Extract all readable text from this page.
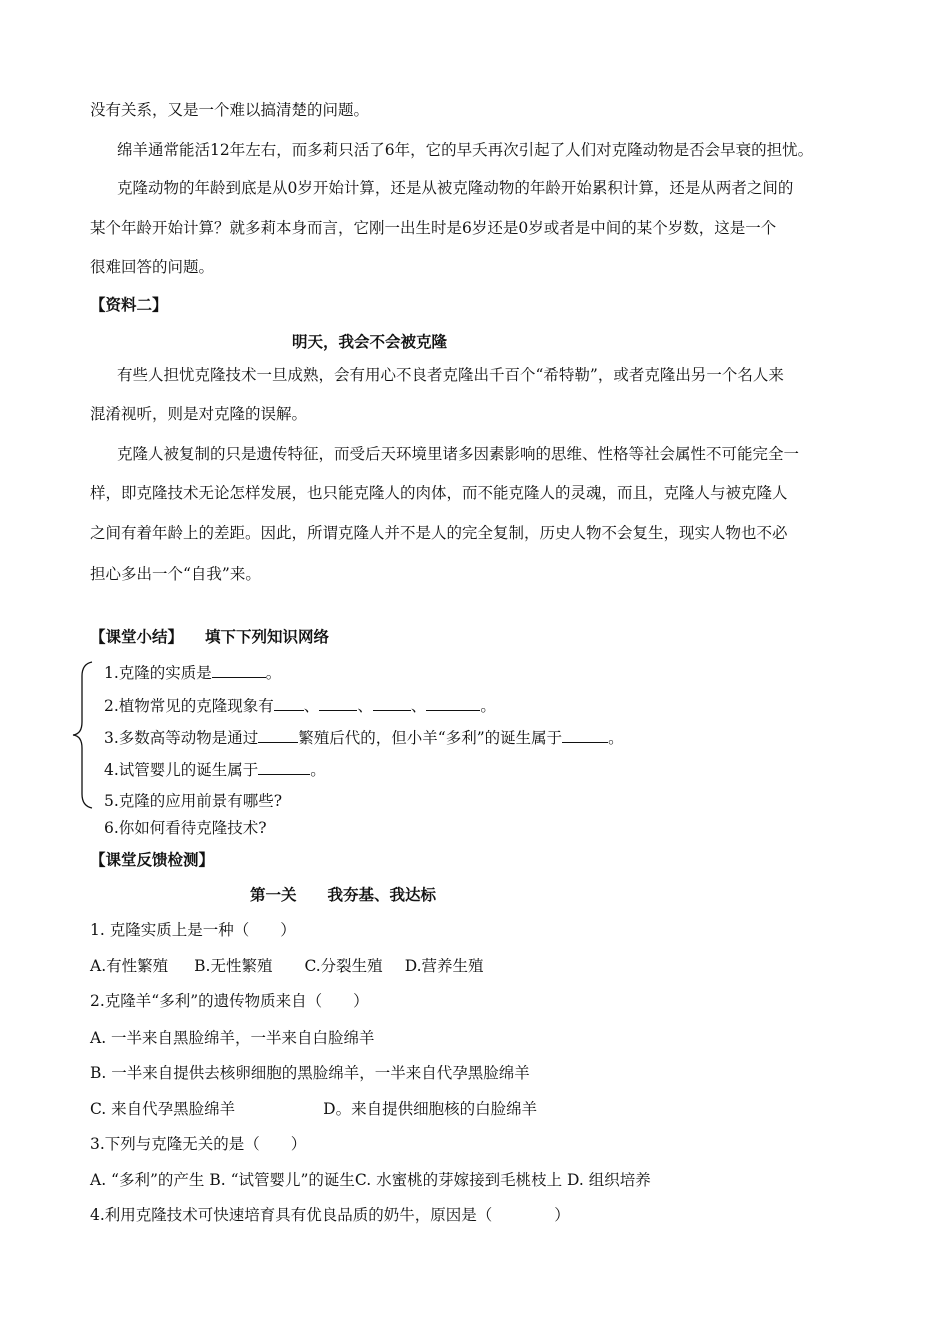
没有关系，又是一个难以搞清楚的问题。
绵羊通常能活12年左右，而多莉只活了6年，它的早夭再次引起了人们对克隆动物是否会早衰的担忧。
克隆动物的年龄到底是从0岁开始计算，还是从被克隆动物的年龄开始累积计算，还是从两者之间的
某个年龄开始计算？就多莉本身而言，它刚一出生时是6岁还是0岁或者是中间的某个岁数，这是一个
很难回答的问题。
【资料二】
明天，我会不会被克隆
有些人担忧克隆技术一旦成熟，会有用心不良者克隆出千百个“希特勒”，或者克隆出另一个名人来
混淆视听，则是对克隆的误解。
克隆人被复制的只是遗传特征，而受后天环境里诸多因素影响的思维、性格等社会属性不可能完全一
样，即克隆技术无论怎样发展，也只能克隆人的肉体，而不能克隆人的灵魂，而且，克隆人与被克隆人
之间有着年龄上的差距。因此，所谓克隆人并不是人的完全复制，历史人物不会复生，现实人物也不必
担心多出一个“自我”来。
【课堂小结】 填下下列知识网络
1.克隆的实质是	。
2.植物常见的克隆现象有 、 、 、	。
3.多数高等动物是通过	繁殖后代的，但小羊“多利”的诞生属于	。
4.试管婴儿的诞生属于	。
5.克隆的应用前景有哪些?
6.你如何看待克隆技术?
【课堂反馈检测】
第一关　　我夯基、我达标
1. 克隆实质上是一种（　　）
A.有性繁殖 B.无性繁殖 C.分裂生殖 D.营养生殖
2.克隆羊“多利”的遗传物质来自（　　）
A. 一半来自黑脸绵羊，一半来自白脸绵羊
B. 一半来自提供去核卵细胞的黑脸绵羊，一半来自代孕黑脸绵羊
C. 来自代孕黑脸绵羊	D。来自提供细胞核的白脸绵羊
3.下列与克隆无关的是（　　）
A. “多利”的产生 B. “试管婴儿”的诞生C. 水蜜桃的芽嫁接到毛桃枝上 D. 组织培养
4.利用克隆技术可快速培育具有优良品质的奶牛，原因是（　　　　）
